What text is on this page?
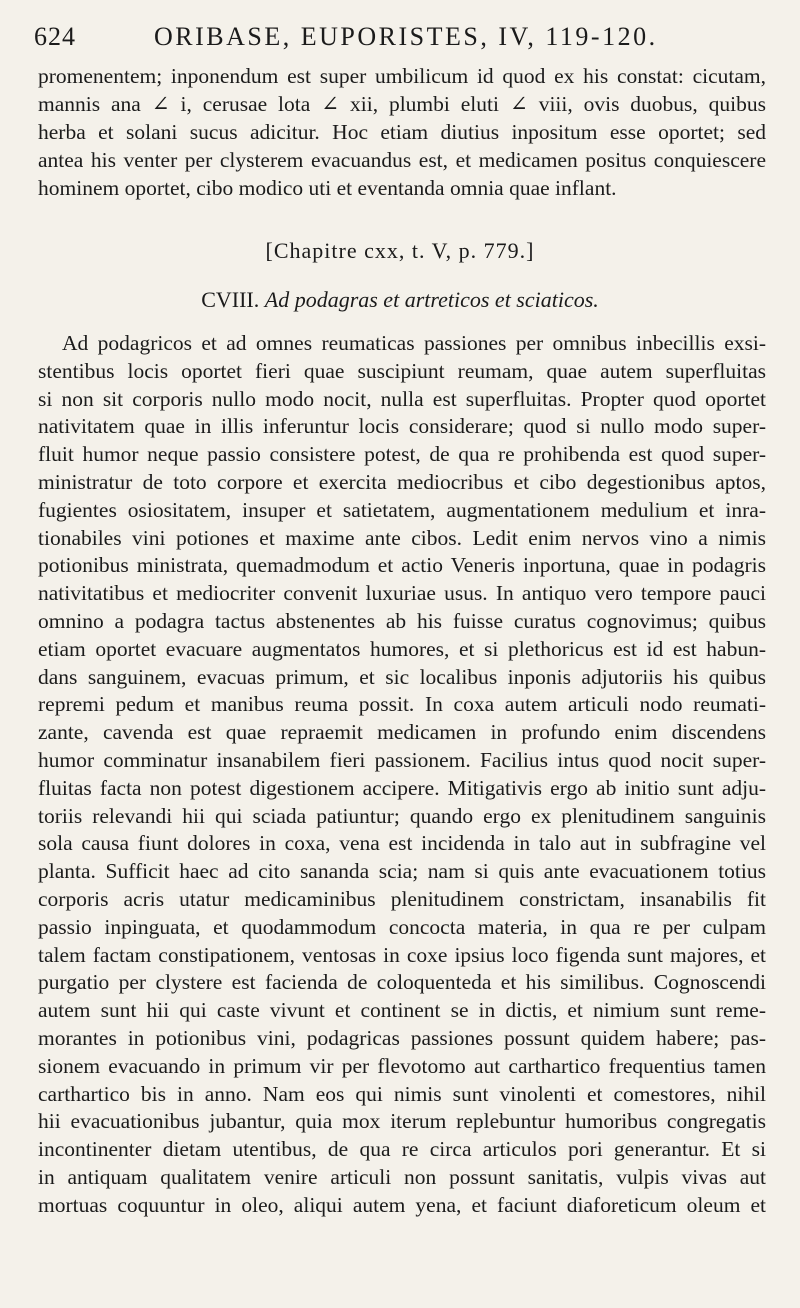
624	ORIBASE, EUPORISTES, IV, 119-120.
promenentem; inponendum est super umbilicum id quod ex his constat: cicutam,
mannis ana ∠ i, cerusae lota ∠ xii, plumbi eluti ∠ viii, ovis duobus, quibus
herba et solani sucus adicitur. Hoc etiam diutius inpositum esse oportet; sed
antea his venter per clysterem evacuandus est, et medicamen positus conquiescere
hominem oportet, cibo modico uti et eventanda omnia quae inflant.
[Chapitre cxx, t. V, p. 779.]
CVIII. Ad podagras et artreticos et sciaticos.
Ad podagricos et ad omnes reumaticas passiones per omnibus inbecillis exsi-
stentibus locis oportet fieri quae suscipiunt reumam, quae autem superfluitas
si non sit corporis nullo modo nocit, nulla est superfluitas. Propter quod oportet
nativitatem quae in illis inferuntur locis considerare; quod si nullo modo super-
fluit humor neque passio consistere potest, de qua re prohibenda est quod super-
ministratur de toto corpore et exercita mediocribus et cibo degestionibus aptos,
fugientes osiositatem, insuper et satietatem, augmentationem medulium et inra-
tionabiles vini potiones et maxime ante cibos. Ledit enim nervos vino a nimis
potionibus ministrata, quemadmodum et actio Veneris inportuna, quae in podagris
nativitatibus et mediocriter convenit luxuriae usus. In antiquo vero tempore pauci
omnino a podagra tactus abstenentes ab his fuisse curatus cognovimus; quibus
etiam oportet evacuare augmentatos humores, et si plethoricus est id est habun-
dans sanguinem, evacuas primum, et sic localibus inponis adjutoriis his quibus
repremi pedum et manibus reuma possit. In coxa autem articuli nodo reumati-
zante, cavenda est quae repraemit medicamen in profundo enim discendens
humor comminatur insanabilem fieri passionem. Facilius intus quod nocit super-
fluitas facta non potest digestionem accipere. Mitigativis ergo ab initio sunt adju-
toriis relevandi hii qui sciada patiuntur; quando ergo ex plenitudinem sanguinis
sola causa fiunt dolores in coxa, vena est incidenda in talo aut in subfragine vel
planta. Sufficit haec ad cito sananda scia; nam si quis ante evacuationem totius
corporis acris utatur medicaminibus plenitudinem constrictam, insanabilis fit
passio inpinguata, et quodammodum concocta materia, in qua re per culpam
talem factam constipationem, ventosas in coxe ipsius loco figenda sunt majores, et
purgatio per clystere est facienda de coloquenteda et his similibus. Cognoscendi
autem sunt hii qui caste vivunt et continent se in dictis, et nimium sunt reme-
morantes in potionibus vini, podagricas passiones possunt quidem habere; pas-
sionem evacuando in primum vir per flevotomo aut carthartico frequentius tamen
carthartico bis in anno. Nam eos qui nimis sunt vinolenti et comestores, nihil
hii evacuationibus jubantur, quia mox iterum replebuntur humoribus congregatis
incontinenter dietam utentibus, de qua re circa articulos pori generantur. Et si
in antiquam qualitatem venire articuli non possunt sanitatis, vulpis vivas aut
mortuas coquuntur in oleo, aliqui autem yena, et faciunt diaforeticum oleum et
